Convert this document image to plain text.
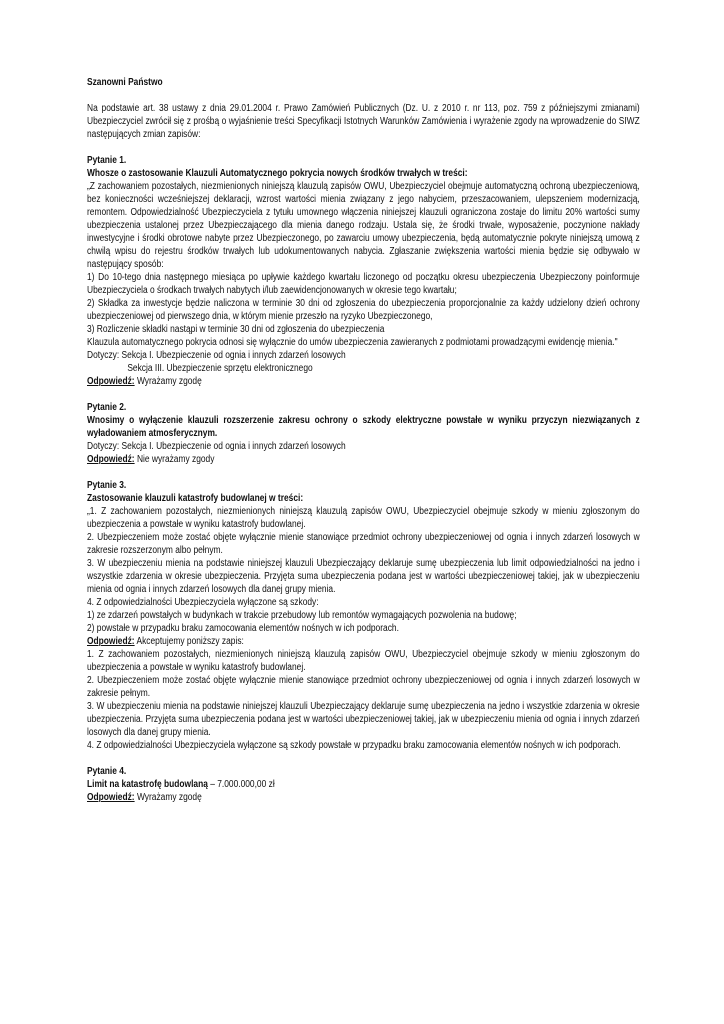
Szanowni Państwo

Na podstawie art. 38 ustawy z dnia 29.01.2004 r. Prawo Zamówień Publicznych (Dz. U. z 2010 r. nr 113, poz. 759 z późniejszymi zmianami) Ubezpieczyciel zwrócił się z prośbą o wyjaśnienie treści Specyfikacji Istotnych Warunków Zamówienia i wyrażenie zgody na wprowadzenie do SIWZ następujących zmian zapisów:

Pytanie 1.

Whosze o zastosowanie Klauzuli Automatycznego pokrycia nowych środków trwałych w treści:

„Z zachowaniem pozostałych, niezmienionych niniejszą klauzulą zapisów OWU, Ubezpieczyciel obejmuje automatyczną ochroną ubezpieczeniową, bez konieczności wcześniejszej deklaracji, wzrost wartości mienia związany z jego nabyciem, przeszacowaniem, ulepszeniem modernizacją, remontem. Odpowiedzialność Ubezpieczyciela z tytułu umownego włączenia niniejszej klauzuli ograniczona zostaje do limitu 20% wartości sumy ubezpieczenia ustalonej przez Ubezpieczającego dla mienia danego rodzaju. Ustala się, że środki trwałe, wyposażenie, poczynione nakłady inwestycyjne i środki obrotowe nabyte przez Ubezpieczonego, po zawarciu umowy ubezpieczenia, będą automatycznie pokryte niniejszą umową z chwilą wpisu do rejestru środków trwałych lub udokumentowanych nabycia. Zgłaszanie zwiększenia wartości mienia będzie się odbywało w następujący sposób:

1) Do 10-tego dnia następnego miesiąca po upływie każdego kwartału liczonego od początku okresu ubezpieczenia Ubezpieczony poinformuje Ubezpieczyciela o środkach trwałych nabytych i/lub zaewidencjonowanych w okresie tego kwartału;

2) Składka za inwestycje będzie naliczona w terminie 30 dni od zgłoszenia do ubezpieczenia proporcjonalnie za każdy udzielony dzień ochrony ubezpieczeniowej od pierwszego dnia, w którym mienie przeszło na ryzyko Ubezpieczonego,

3) Rozliczenie składki nastąpi w terminie 30 dni od zgłoszenia do ubezpieczenia

Klauzula automatycznego pokrycia odnosi się wyłącznie do umów ubezpieczenia zawieranych z podmiotami prowadzącymi ewidencję mienia."

Dotyczy: Sekcja I. Ubezpieczenie od ognia i innych zdarzeń losowych

Sekcja III. Ubezpieczenie sprzętu elektronicznego

Odpowiedź: Wyrażamy zgodę

Pytanie 2.

Wnosimy o wyłączenie klauzuli rozszerzenie zakresu ochrony o szkody elektryczne powstałe w wyniku przyczyn niezwiązanych z wyładowaniem atmosferycznym.

Dotyczy: Sekcja I. Ubezpieczenie od ognia i innych zdarzeń losowych

Odpowiedź: Nie wyrażamy zgody

Pytanie 3.

Zastosowanie klauzuli katastrofy budowlanej w treści:

„1. Z zachowaniem pozostałych, niezmienionych niniejszą klauzulą zapisów OWU, Ubezpieczyciel obejmuje szkody w mieniu zgłoszonym do ubezpieczenia a powstałe w wyniku katastrofy budowlanej.

2. Ubezpieczeniem może zostać objęte wyłącznie mienie stanowiące przedmiot ochrony ubezpieczeniowej od ognia i innych zdarzeń losowych w zakresie rozszerzonym albo pełnym.

3. W ubezpieczeniu mienia na podstawie niniejszej klauzuli Ubezpieczający deklaruje sumę ubezpieczenia lub limit odpowiedzialności na jedno i wszystkie zdarzenia w okresie ubezpieczenia. Przyjęta suma ubezpieczenia podana jest w wartości ubezpieczeniowej takiej, jak w ubezpieczeniu mienia od ognia i innych zdarzeń losowych dla danej grupy mienia.

4. Z odpowiedzialności Ubezpieczyciela wyłączone są szkody:

1) ze zdarzeń powstałych w budynkach w trakcie przebudowy lub remontów wymagających pozwolenia na budowę;

2) powstałe w przypadku braku zamocowania elementów nośnych w ich podporach.

Odpowiedź: Akceptujemy poniższy zapis:

1. Z zachowaniem pozostałych, niezmienionych niniejszą klauzulą zapisów OWU, Ubezpieczyciel obejmuje szkody w mieniu zgłoszonym do ubezpieczenia a powstałe w wyniku katastrofy budowlanej.

2. Ubezpieczeniem może zostać objęte wyłącznie mienie stanowiące przedmiot ochrony ubezpieczeniowej od ognia i innych zdarzeń losowych w zakresie pełnym.

3. W ubezpieczeniu mienia na podstawie niniejszej klauzuli Ubezpieczający deklaruje sumę ubezpieczenia na jedno i wszystkie zdarzenia w okresie ubezpieczenia. Przyjęta suma ubezpieczenia podana jest w wartości ubezpieczeniowej takiej, jak w ubezpieczeniu mienia od ognia i innych zdarzeń losowych dla danej grupy mienia.

4. Z odpowiedzialności Ubezpieczyciela wyłączone są szkody powstałe w przypadku braku zamocowania elementów nośnych w ich podporach.

Pytanie 4.

Limit na katastrofę budowlaną – 7.000.000,00 zł

Odpowiedź: Wyrażamy zgodę
